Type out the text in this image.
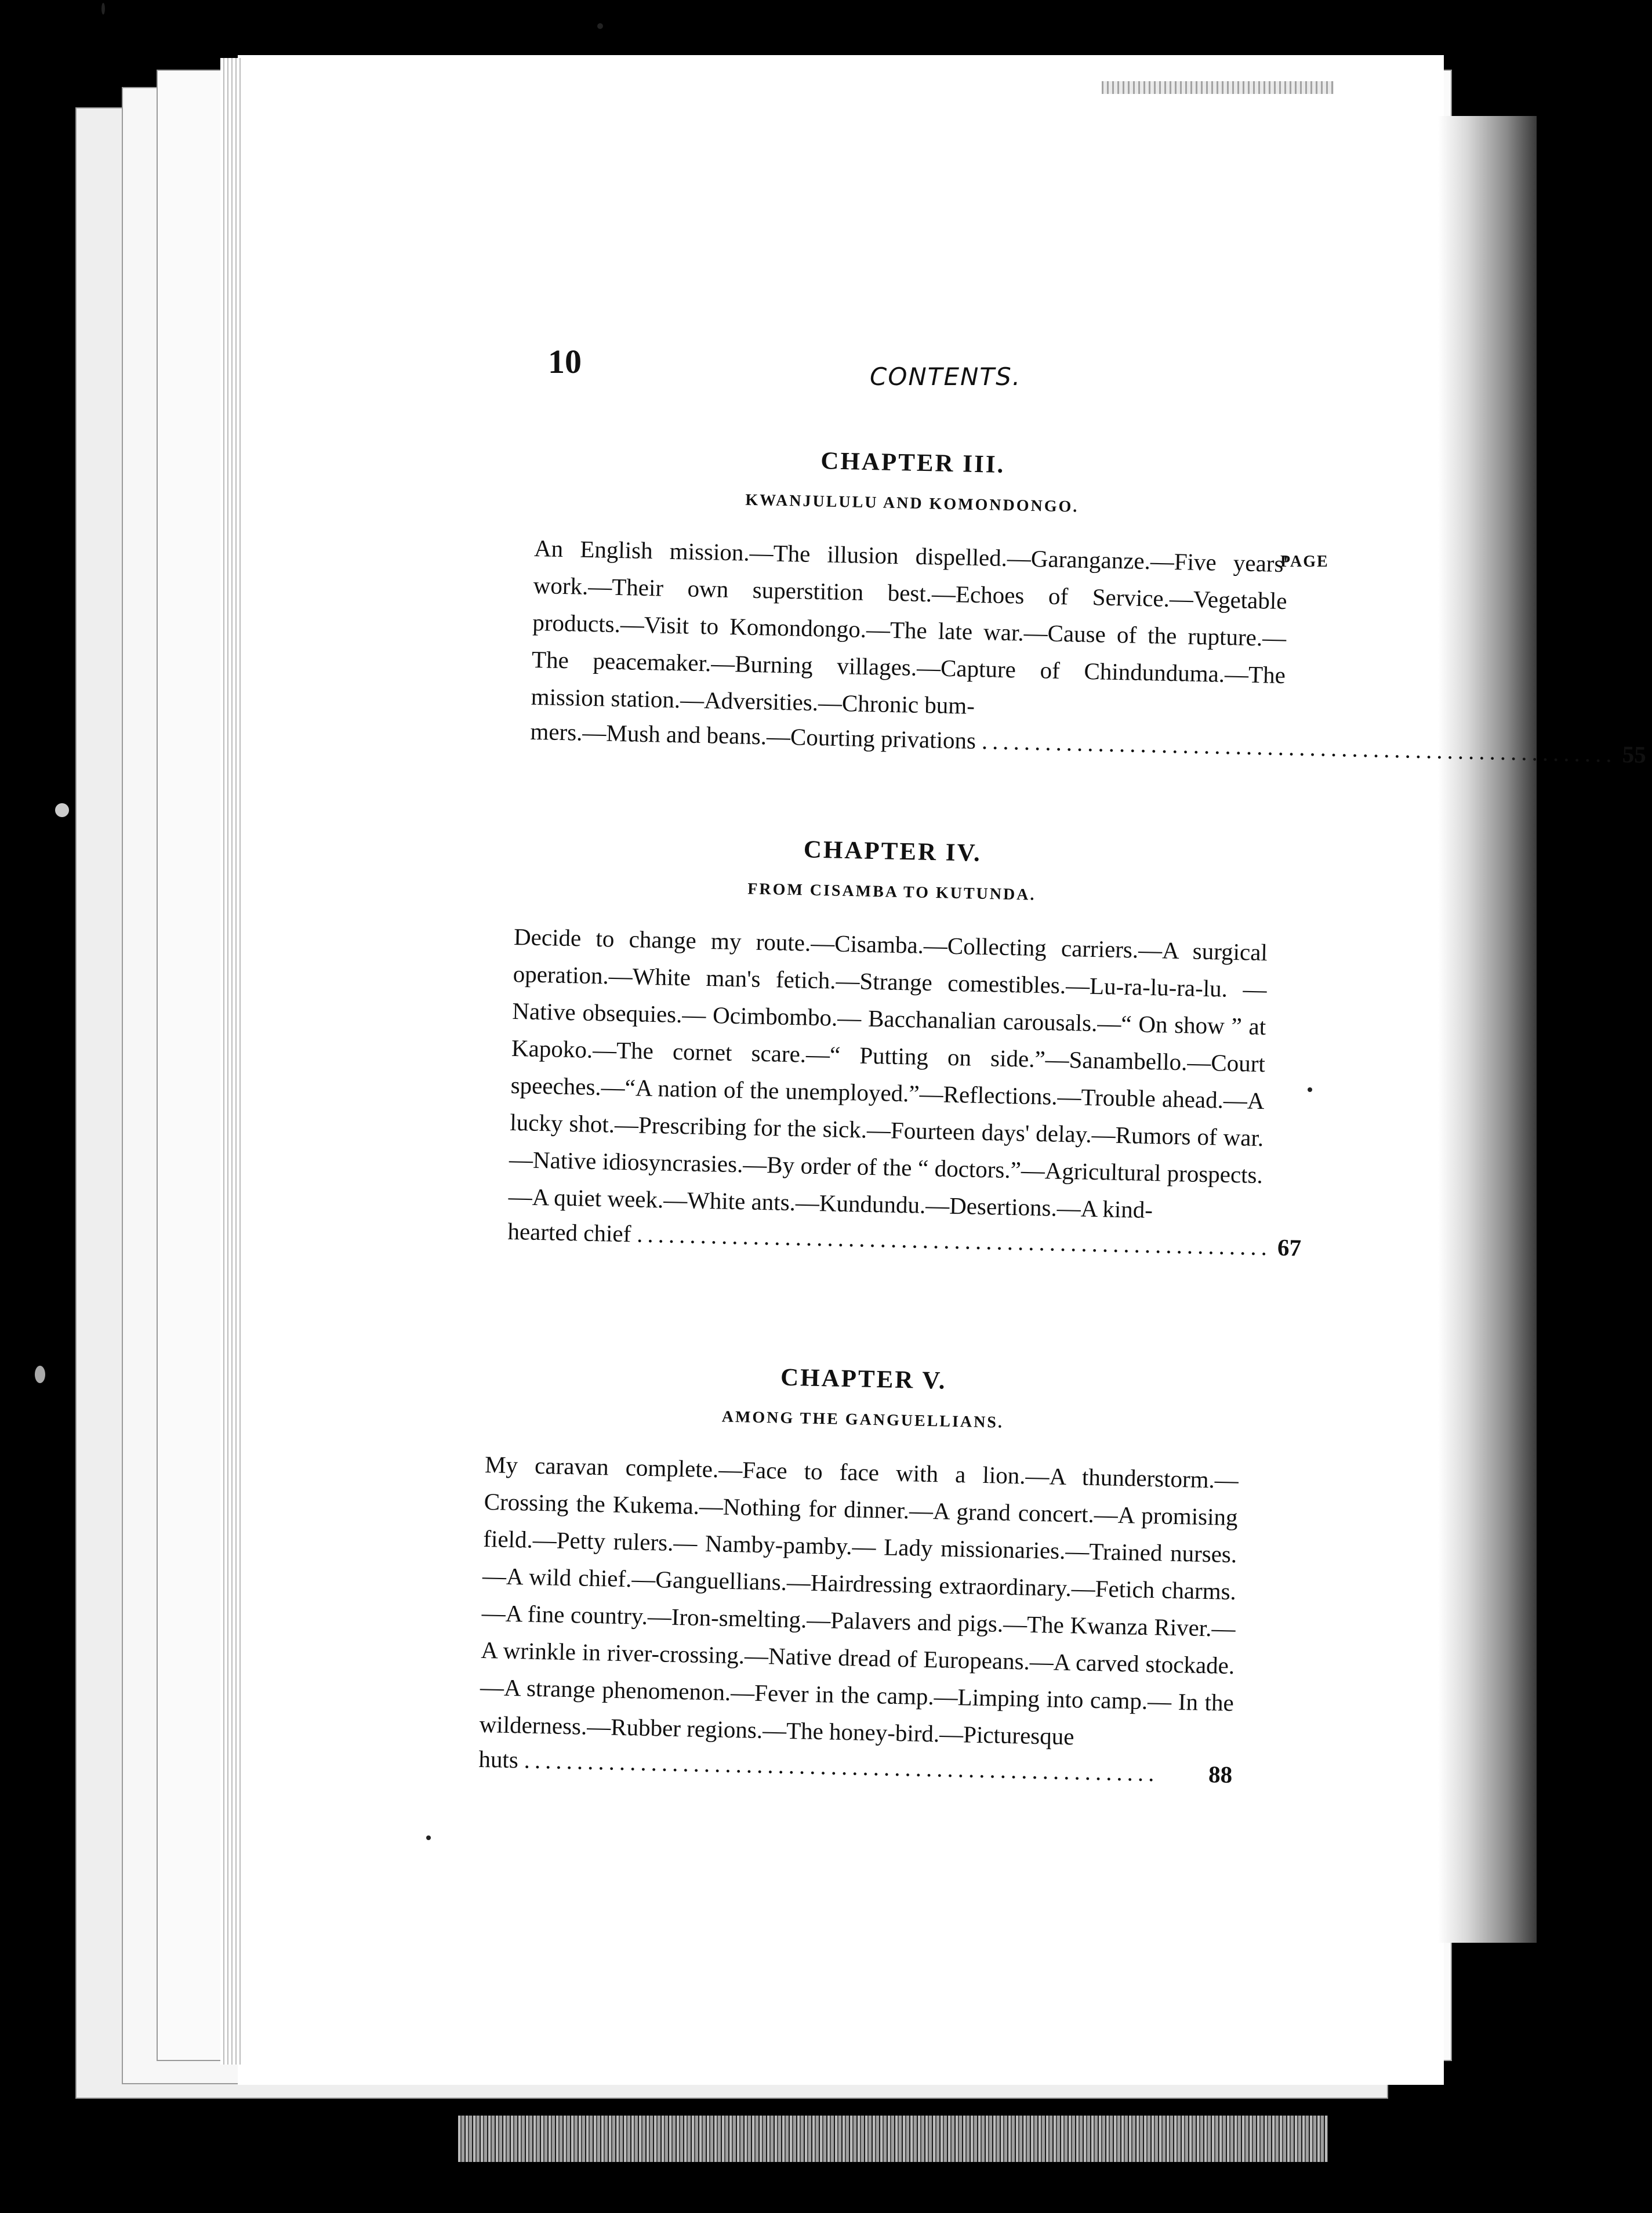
10	CONTENTS.
PAGE
CHAPTER III.
KWANJULULU AND KOMONDONGO.
An English mission.—The illusion dispelled.—Garanganze.—Five years' work.—Their own superstition best.—Echoes of Service.—Vegetable products.—Visit to Komondongo.—The late war.—Cause of the rupture.—The peacemaker.—Burning villages.—Capture of Chindunduma.—The mission station.—Adversities.—Chronic bum-
mers.—Mush and beans.—Courting privations ............................................................ 55
CHAPTER IV.
FROM CISAMBA TO KUTUNDA.
Decide to change my route.—Cisamba.—Collecting carriers.—A surgical operation.—White man's fetich.—Strange comestibles.—Lu-ra-lu-ra-lu. — Native obsequies.— Ocimbombo.— Bacchanalian carousals.—“ On show ” at Kapoko.—The cornet scare.—“ Putting on side.”—Sanambello.—Court speeches.—“A nation of the unemployed.”—Reflections.—Trouble ahead.—A lucky shot.—Prescribing for the sick.—Fourteen days' delay.—Rumors of war.—Native idiosyncrasies.—By order of the “ doctors.”—Agricultural prospects. —A quiet week.—White ants.—Kundundu.—Desertions.—A kind-
hearted chief ............................................................ 67
CHAPTER V.
AMONG THE GANGUELLIANS.
My caravan complete.—Face to face with a lion.—A thunderstorm.— Crossing the Kukema.—Nothing for dinner.—A grand concert.—A promising field.—Petty rulers.— Namby-pamby.— Lady missionaries.—Trained nurses.—A wild chief.—Ganguellians.—Hairdressing extraordinary.—Fetich charms.—A fine country.—Iron-smelting.—Palavers and pigs.—The Kwanza River.—A wrinkle in river-crossing.—Native dread of Europeans.—A carved stockade.—A strange phenomenon.—Fever in the camp.—Limping into camp.— In the wilderness.—Rubber regions.—The honey-bird.—Picturesque
huts ............................................................	88
